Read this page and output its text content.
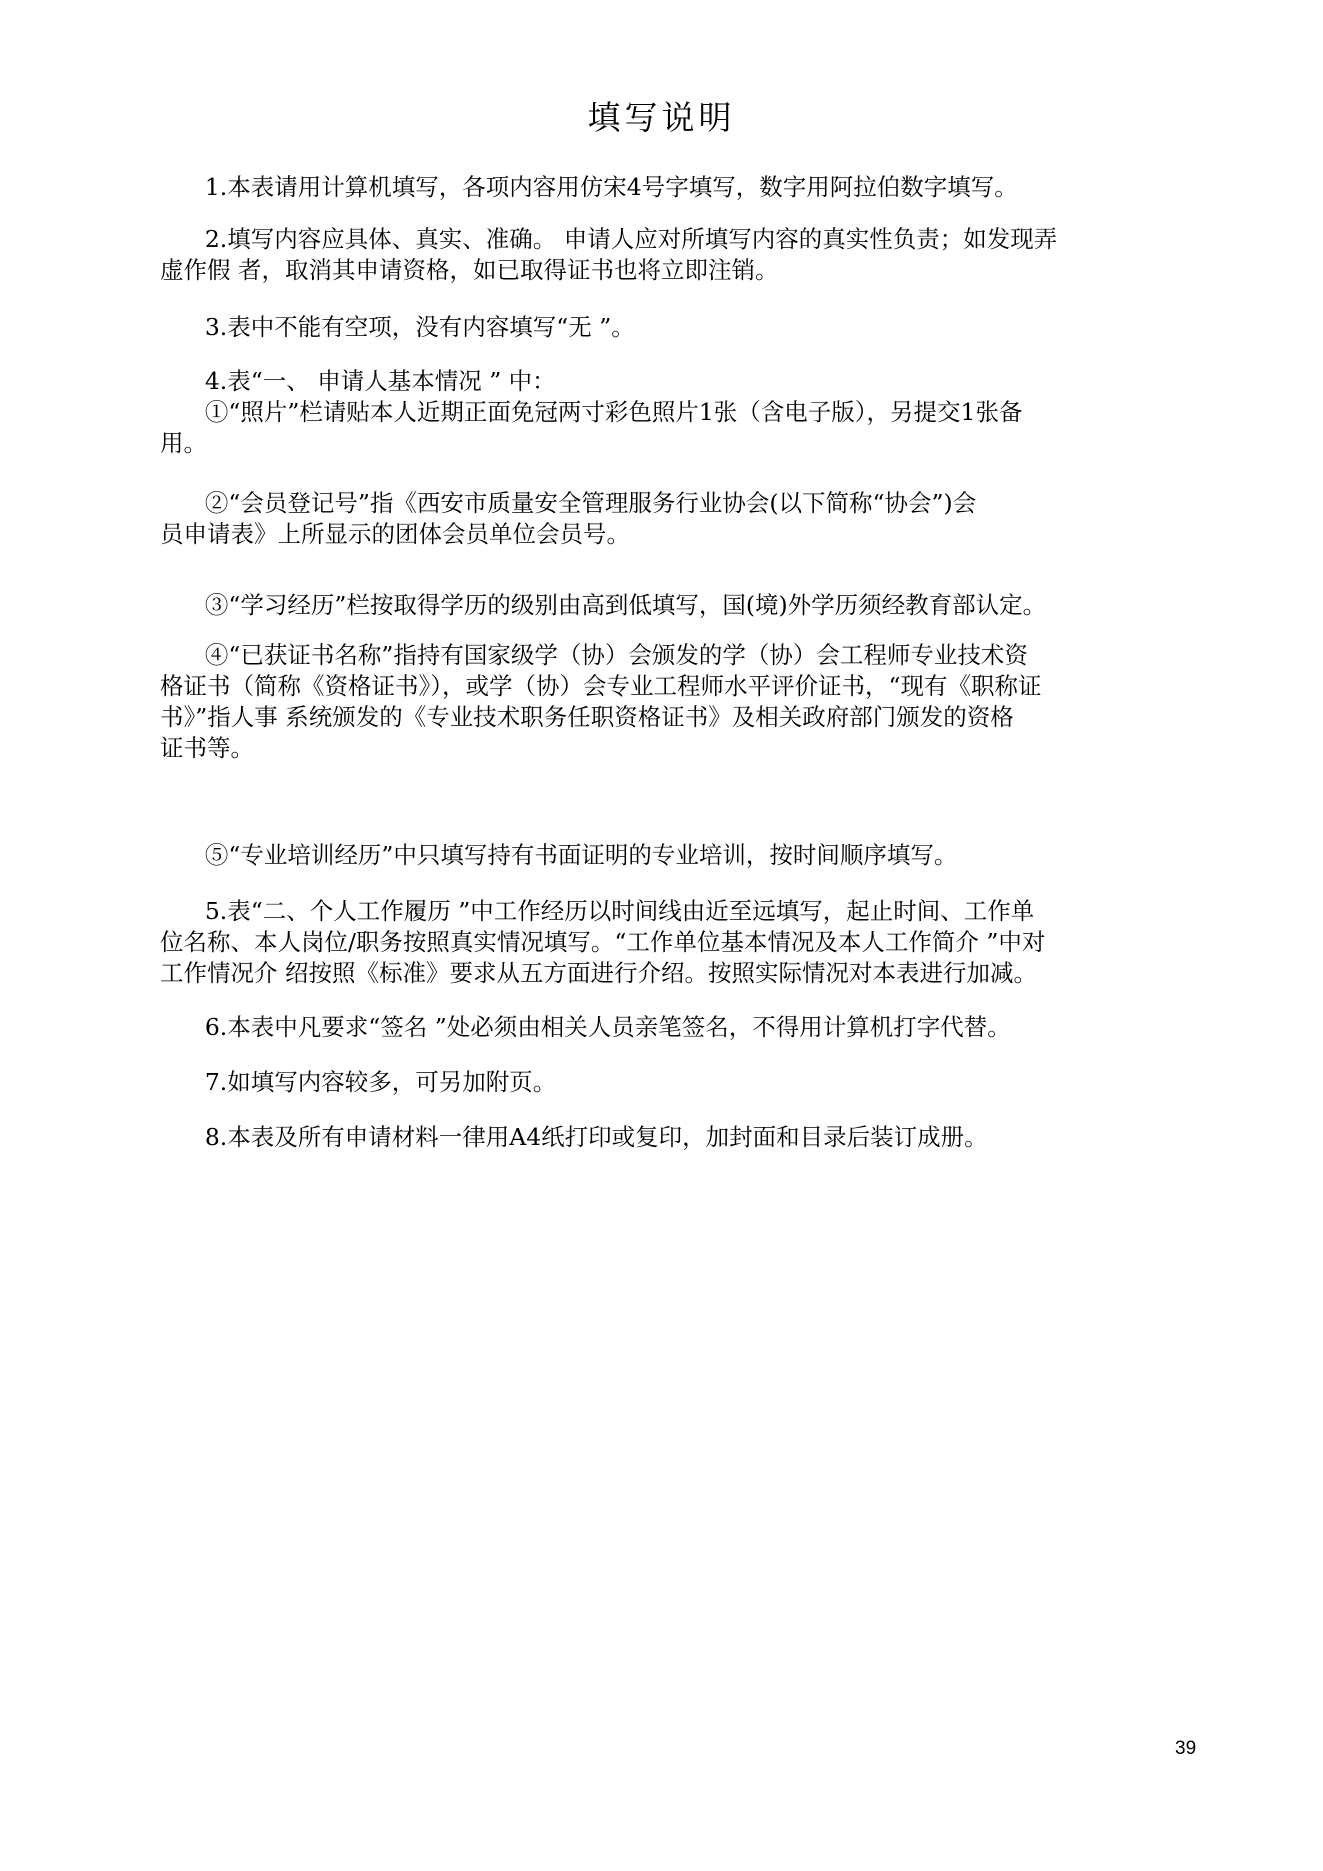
填写说明
1.本表请用计算机填写，各项内容用仿宋4号字填写，数字用阿拉伯数字填写。
2.填写内容应具体、真实、准确。 申请人应对所填写内容的真实性负责；如发现弄
虚作假 者，取消其申请资格，如已取得证书也将立即注销。
3.表中不能有空项，没有内容填写“无 ”。
4.表“一、 申请人基本情况 ” 中：
①“照片”栏请贴本人近期正面免冠两寸彩色照片1张（含电子版），另提交1张备
用。
②“会员登记号”指《西安市质量安全管理服务行业协会(以下简称“协会”)会
员申请表》上所显示的团体会员单位会员号。
③“学习经历”栏按取得学历的级别由高到低填写，国(境)外学历须经教育部认定。
④“已获证书名称”指持有国家级学（协）会颁发的学（协）会工程师专业技术资
格证书（简称《资格证书》），或学（协）会专业工程师水平评价证书，“现有《职称证
书》”指人事 系统颁发的《专业技术职务任职资格证书》及相关政府部门颁发的资格
证书等。
⑤“专业培训经历”中只填写持有书面证明的专业培训，按时间顺序填写。
5.表“二、个人工作履历 ”中工作经历以时间线由近至远填写，起止时间、工作单
位名称、本人岗位/职务按照真实情况填写。“工作单位基本情况及本人工作简介 ”中对
工作情况介 绍按照《标准》要求从五方面进行介绍。按照实际情况对本表进行加减。
6.本表中凡要求“签名 ”处必须由相关人员亲笔签名，不得用计算机打字代替。
7.如填写内容较多，可另加附页。
8.本表及所有申请材料一律用A4纸打印或复印，加封面和目录后装订成册。
39
